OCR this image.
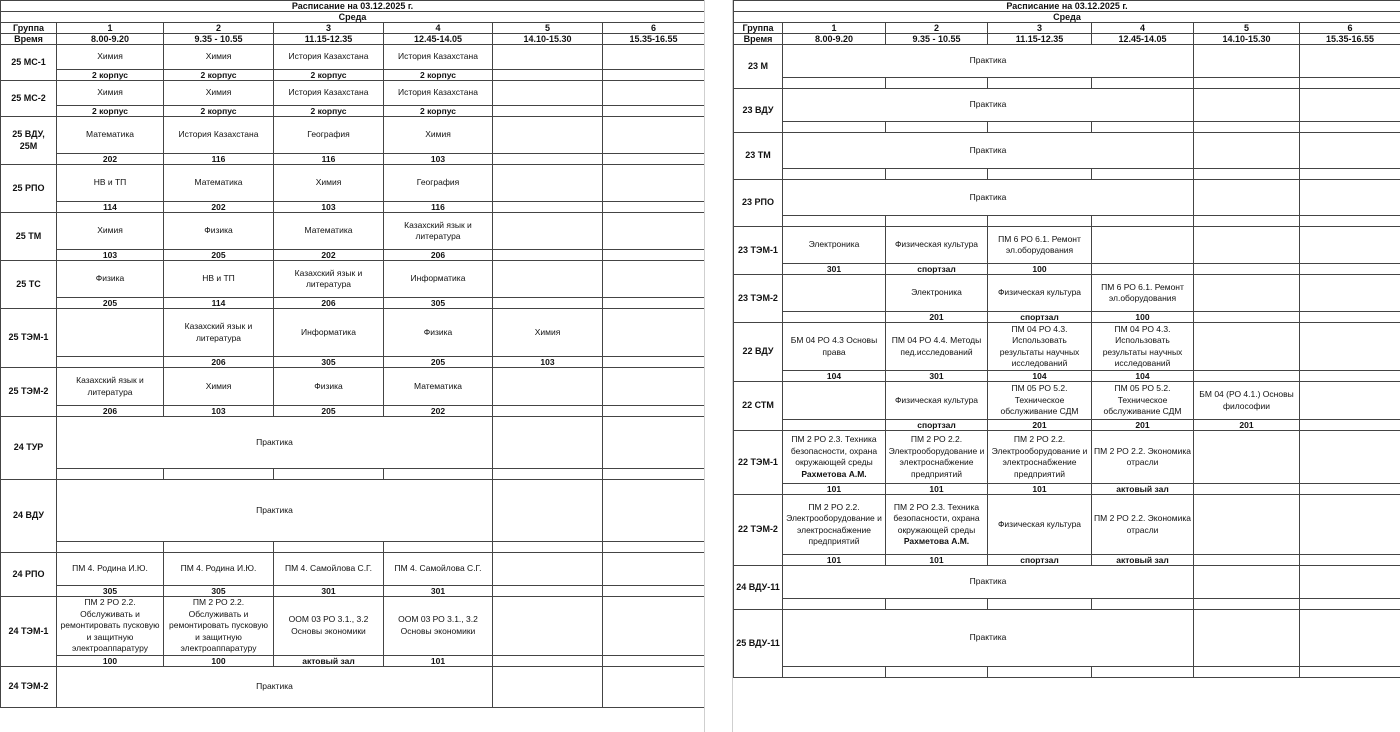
Расписание на 03.12.2025 г.						
Среда						
Группа	1	2	3	4	5	6
Время	8.00-9.20	9.35 - 10.55	11.15-12.35	12.45-14.05	14.10-15.30	15.35-16.55
25 МС-1	Химия	Химия	История Казахстана	История Казахстана		
	2 корпус	2 корпус	2 корпус	2 корпус		
25 МС-2	Химия	Химия	История Казахстана	История Казахстана		
	2 корпус	2 корпус	2 корпус	2 корпус		
25 ВДУ, 25М	Математика	История Казахстана	География	Химия		
	202	116	116	103		
25 РПО	НВ и ТП	Математика	Химия	География		
	114	202	103	116		
25 ТМ	Химия	Физика	Математика	Казахский язык и литература		
	103	205	202	206		
25 ТС	Физика	НВ и ТП	Казахский язык и литература	Информатика		
	205	114	206	305		
25 ТЭМ-1		Казахский язык и литература	Информатика	Физика	Химия	
		206	305	205	103	
25 ТЭМ-2	Казахский язык и литература	Химия	Физика	Математика		
	206	103	205	202		
24 ТУР	Практика					

24 ВДУ	Практика					

24 РПО	ПМ 4. Родина И.Ю.	ПМ 4. Родина И.Ю.	ПМ 4. Самойлова С.Г.	ПМ 4. Самойлова С.Г.		
	305	305	301	301		
24 ТЭМ-1	ПМ 2 РО 2.2. Обслуживать и ремонтировать пусковую и защитную электроаппаратуру	ПМ 2 РО 2.2. Обслуживать и ремонтировать пусковую и защитную электроаппаратуру	ООМ 03 РО 3.1., 3.2 Основы экономики	ООМ 03 РО 3.1., 3.2 Основы экономики		
	100	100	актовый зал	101		
24 ТЭМ-2	Практика					
Расписание на 03.12.2025 г.						
Среда						
Группа	1	2	3	4	5	6
Время	8.00-9.20	9.35 - 10.55	11.15-12.35	12.45-14.05	14.10-15.30	15.35-16.55
23 М	Практика					

23 ВДУ	Практика					

23 ТМ	Практика					

23 РПО	Практика					

23 ТЭМ-1	Электроника	Физическая культура	ПМ 6 РО 6.1. Ремонт эл.оборудования			
	301	спортзал	100			
23 ТЭМ-2		Электроника	Физическая культура	ПМ 6 РО 6.1. Ремонт эл.оборудования		
		201	спортзал	100		
22 ВДУ	БМ 04 РО 4.3 Основы права	ПМ 04 РО 4.4. Методы пед.исследований	ПМ 04 РО 4.3. Использовать результаты научных исследований	ПМ 04 РО 4.3. Использовать результаты научных исследований		
	104	301	104	104		
22 СТМ		Физическая культура	ПМ 05 РО 5.2. Техническое обслуживание СДМ	ПМ 05 РО 5.2. Техническое обслуживание СДМ	БМ 04 (РО 4.1.) Основы философии	
		спортзал	201	201	201	
22 ТЭМ-1	ПМ 2 РО 2.3. Техника безопасности, охрана окружающей среды
Рахметова А.М.	ПМ 2 РО 2.2. Электрооборудование и электроснабжение предприятий	ПМ 2 РО 2.2. Электрооборудование и электроснабжение предприятий	ПМ 2 РО 2.2. Экономика отрасли		
	101	101	101	актовый зал		
22 ТЭМ-2	ПМ 2 РО 2.2. Электрооборудование и электроснабжение предприятий	ПМ 2 РО 2.3. Техника безопасности, охрана окружающей среды
Рахметова А.М.	Физическая культура	ПМ 2 РО 2.2. Экономика отрасли		
	101	101	спортзал	актовый зал		
24 ВДУ-11	Практика					

25 ВДУ-11	Практика					
